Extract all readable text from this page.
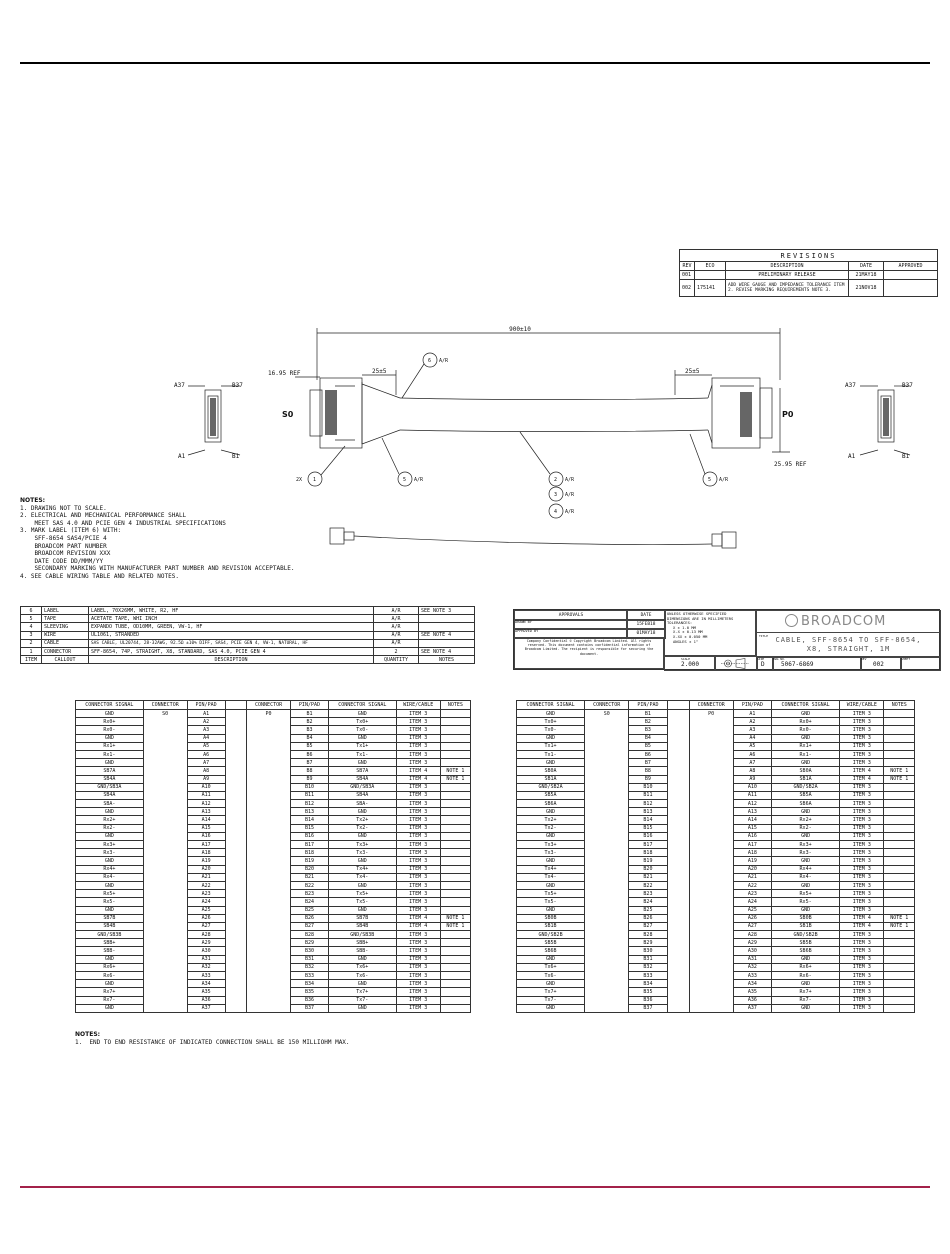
REVISIONS				
REV	ECO	DESCRIPTION	DATE	APPROVED
001		PRELIMINARY RELEASE	21MAY18	
002	175141	ADD WIRE GAUGE AND IMPEDANCE TOLERANCE ITEM 2. REVISE MARKING REQUIREMENTS NOTE 3.	21NOV18	
900±10
16.95 REF
25.95 REF
25±5	25±5
S0	P0
A37	B37
A1	B1
A37	B37
A1	B1
6 A/R
1
2X	5 A/R	2 A/R
3 A/R
4 A/R
5 A/R
NOTES:
1. DRAWING NOT TO SCALE.
2. ELECTRICAL AND MECHANICAL PERFORMANCE SHALL
MEET SAS 4.0 AND PCIE GEN 4 INDUSTRIAL SPECIFICATIONS
3. MARK LABEL (ITEM 6) WITH:
SFF-8654 SAS4/PCIE 4
BROADCOM PART NUMBER
BROADCOM REVISION XXX
DATE CODE DD/MMM/YY
SECONDARY MARKING WITH MANUFACTURER PART NUMBER AND REVISION ACCEPTABLE.
4. SEE CABLE WIRING TABLE AND RELATED NOTES.
6	LABEL	LABEL, 70X26MM, WHITE, R2, HF	A/R	SEE NOTE 3
5	TAPE	ACETATE TAPE, WHI INCH	A/R	
4	SLEEVING	EXPANDO TUBE, OD10MM, GREEN, VW-1, HF	A/R	
3	WIRE	UL1061, STRANDED	A/R	SEE NOTE 4
2	CABLE	SAS CABLE, UL20744, 28-32AWG, 92.5Ω ±10% DIFF, SAS4, PCIE GEN 4, VW-1, NATURAL, HF	A/R	
1	CONNECTOR	SFF-8654, 74P, STRAIGHT, X8, STANDARD, SAS 4.0, PCIE GEN 4	2	SEE NOTE 4
ITEM	CALLOUT	DESCRIPTION	QUANTITY	NOTES
APPROVALS	DATE
DRAWN BY	15FEB18
APPROVED BY	01MAY18
Company Confidential © Copyright Broadcom Limited. All rights reserved. This document contains confidential information of Broadcom Limited. The recipient is responsible for securing the document.
UNLESS OTHERWISE SPECIFIED
DIMENSIONS ARE IN MILLIMETERS
TOLERANCES:
X ± 1.0 MM
X.X ± 0.13 MM
X.XX ± 0.050 MM
ANGLES ± 1°
SCALE
2.000
BROADCOM
TITLE	CABLE, SFF-8654 TO SFF-8654,
X8, STRAIGHT, 1M
SIZE
D
DWG NO.
5067-6869
REV
002
SHEET
CONNECTOR SIGNAL	CONNECTOR	PIN/PAD		CONNECTOR	PIN/PAD	CONNECTOR SIGNAL	WIRE/CABLE	NOTES
GND	S0	A1		P0	B1	GND	ITEM 3	
Rx0+		A2			B2	Tx0+	ITEM 3	
Rx0-		A3			B3	Tx0-	ITEM 3	
GND		A4			B4	GND	ITEM 3	
Rx1+		A5			B5	Tx1+	ITEM 3	
Rx1-		A6			B6	Tx1-	ITEM 3	
GND		A7			B7	GND	ITEM 3	
SB7A		A8			B8	SB7A	ITEM 4	NOTE 1
SB4A		A9			B9	SB4A	ITEM 4	NOTE 1
GND/SB3A		A10			B10	GND/SB3A	ITEM 3	
SB4A		A11			B11	SB4A	ITEM 3	
SBA-		A12			B12	SBA-	ITEM 3	
GND		A13			B13	GND	ITEM 3	
Rx2+		A14			B14	Tx2+	ITEM 3	
Rx2-		A15			B15	Tx2-	ITEM 3	
GND		A16			B16	GND	ITEM 3	
Rx3+		A17			B17	Tx3+	ITEM 3	
Rx3-		A18			B18	Tx3-	ITEM 3	
GND		A19			B19	GND	ITEM 3	
Rx4+		A20			B20	Tx4+	ITEM 3	
Rx4-		A21			B21	Tx4-	ITEM 3	
GND		A22			B22	GND	ITEM 3	
Rx5+		A23			B23	Tx5+	ITEM 3	
Rx5-		A24			B24	Tx5-	ITEM 3	
GND		A25			B25	GND	ITEM 3	
SB7B		A26			B26	SB7B	ITEM 4	NOTE 1
SB4B		A27			B27	SB4B	ITEM 4	NOTE 1
GND/SB3B		A28			B28	GND/SB3B	ITEM 3	
SBB+		A29			B29	SBB+	ITEM 3	
SBB-		A30			B30	SBB-	ITEM 3	
GND		A31			B31	GND	ITEM 3	
Rx6+		A32			B32	Tx6+	ITEM 3	
Rx6-		A33			B33	Tx6-	ITEM 3	
GND		A34			B34	GND	ITEM 3	
Rx7+		A35			B35	Tx7+	ITEM 3	
Rx7-		A36			B36	Tx7-	ITEM 3	
GND		A37			B37	GND	ITEM 3	
CONNECTOR SIGNAL	CONNECTOR	PIN/PAD		CONNECTOR	PIN/PAD	CONNECTOR SIGNAL	WIRE/CABLE	NOTES
GND	S0	B1		P0	A1	GND	ITEM 3	
Tx0+		B2			A2	Rx0+	ITEM 3	
Tx0-		B3			A3	Rx0-	ITEM 3	
GND		B4			A4	GND	ITEM 3	
Tx1+		B5			A5	Rx1+	ITEM 3	
Tx1-		B6			A6	Rx1-	ITEM 3	
GND		B7			A7	GND	ITEM 3	
SB0A		B8			A8	SB0A	ITEM 4	NOTE 1
SB1A		B9			A9	SB1A	ITEM 4	NOTE 1
GND/SB2A		B10			A10	GND/SB2A	ITEM 3	
SB5A		B11			A11	SB5A	ITEM 3	
SB6A		B12			A12	SB6A	ITEM 3	
GND		B13			A13	GND	ITEM 3	
Tx2+		B14			A14	Rx2+	ITEM 3	
Tx2-		B15			A15	Rx2-	ITEM 3	
GND		B16			A16	GND	ITEM 3	
Tx3+		B17			A17	Rx3+	ITEM 3	
Tx3-		B18			A18	Rx3-	ITEM 3	
GND		B19			A19	GND	ITEM 3	
Tx4+		B20			A20	Rx4+	ITEM 3	
Tx4-		B21			A21	Rx4-	ITEM 3	
GND		B22			A22	GND	ITEM 3	
Tx5+		B23			A23	Rx5+	ITEM 3	
Tx5-		B24			A24	Rx5-	ITEM 3	
GND		B25			A25	GND	ITEM 3	
SB0B		B26			A26	SB0B	ITEM 4	NOTE 1
SB1B		B27			A27	SB1B	ITEM 4	NOTE 1
GND/SB2B		B28			A28	GND/SB2B	ITEM 3	
SB5B		B29			A29	SB5B	ITEM 3	
SB6B		B30			A30	SB6B	ITEM 3	
GND		B31			A31	GND	ITEM 3	
Tx6+		B32			A32	Rx6+	ITEM 3	
Tx6-		B33			A33	Rx6-	ITEM 3	
GND		B34			A34	GND	ITEM 3	
Tx7+		B35			A35	Rx7+	ITEM 3	
Tx7-		B36			A36	Rx7-	ITEM 3	
GND		B37			A37	GND	ITEM 3	
NOTES:
1.  END TO END RESISTANCE OF INDICATED CONNECTION SHALL BE 150 MILLIOHM MAX.
